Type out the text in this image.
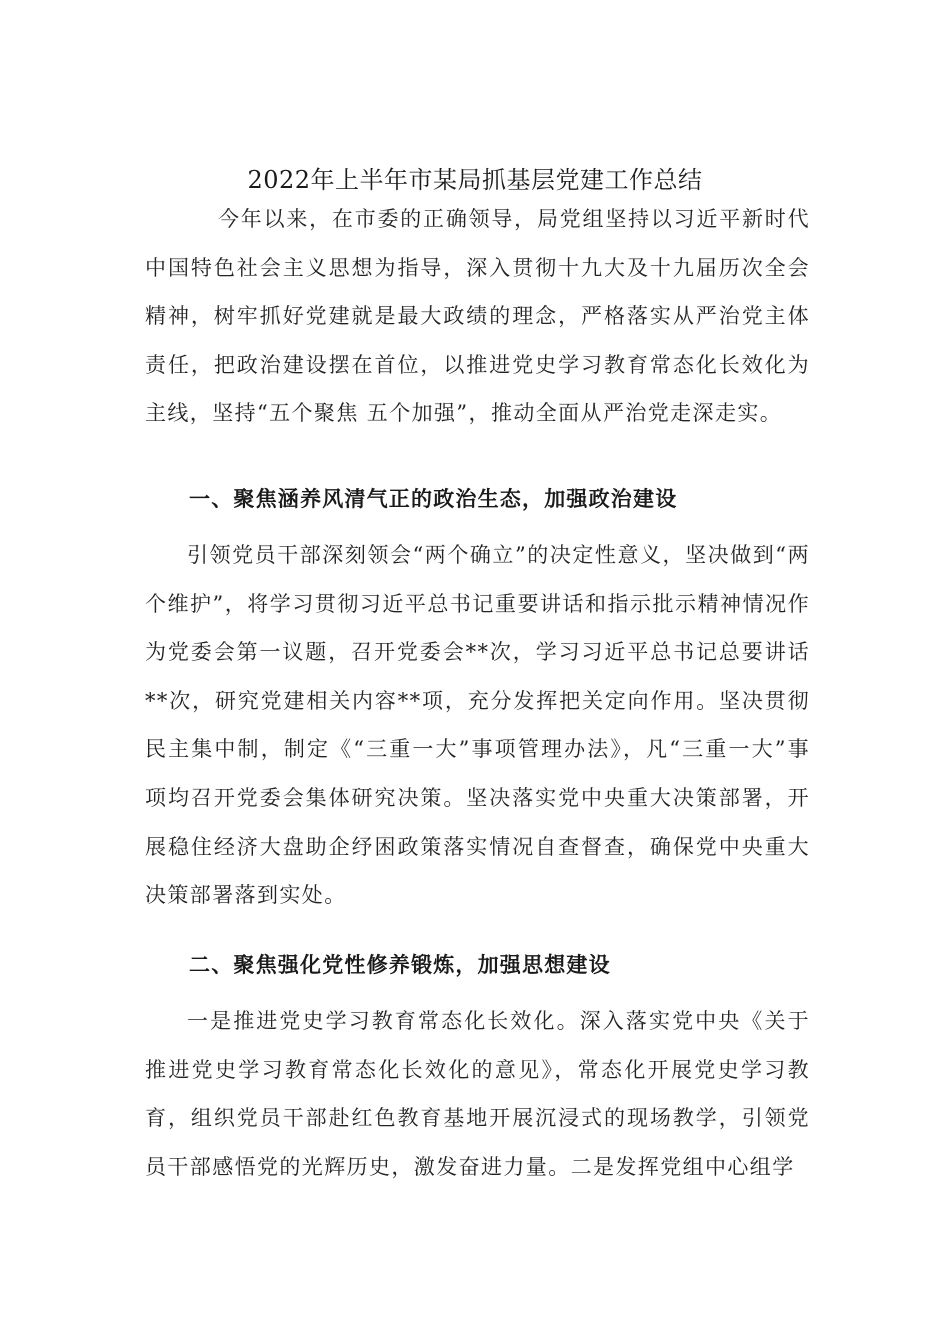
2022年上半年市某局抓基层党建工作总结

今年以来，在市委的正确领导，局党组坚持以习近平新时代中国特色社会主义思想为指导，深入贯彻十九大及十九届历次全会精神，树牢抓好党建就是最大政绩的理念，严格落实从严治党主体责任，把政治建设摆在首位，以推进党史学习教育常态化长效化为主线，坚持“五个聚焦 五个加强”，推动全面从严治党走深走实。

一、聚焦涵养风清气正的政治生态，加强政治建设

引领党员干部深刻领会“两个确立”的决定性意义，坚决做到“两个维护”，将学习贯彻习近平总书记重要讲话和指示批示精神情况作为党委会第一议题，召开党委会**次，学习习近平总书记总要讲话**次，研究党建相关内容**项，充分发挥把关定向作用。坚决贯彻民主集中制，制定《“三重一大”事项管理办法》，凡“三重一大”事项均召开党委会集体研究决策。坚决落实党中央重大决策部署，开展稳住经济大盘助企纾困政策落实情况自查督查，确保党中央重大决策部署落到实处。

二、聚焦强化党性修养锻炼，加强思想建设

一是推进党史学习教育常态化长效化。深入落实党中央《关于推进党史学习教育常态化长效化的意见》，常态化开展党史学习教育，组织党员干部赴红色教育基地开展沉浸式的现场教学，引领党员干部感悟党的光辉历史，激发奋进力量。二是发挥党组中心组学
